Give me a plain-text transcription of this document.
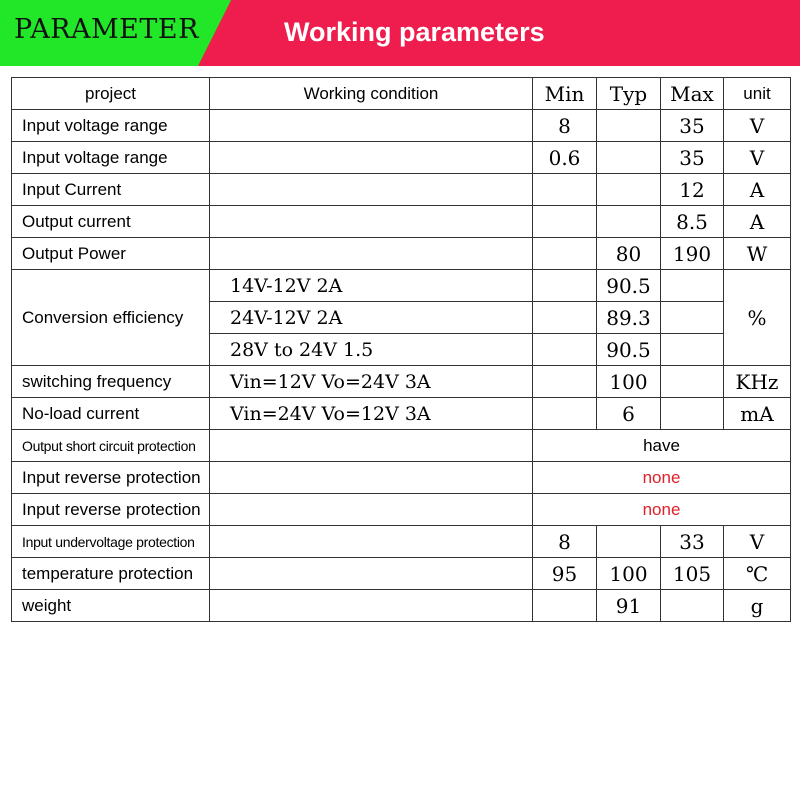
PARAMETER	Working parameters
project	Working condition	Min	Typ	Max	unit
Input voltage range		8		35	V
Input voltage range		0.6		35	V
Input Current				12	A
Output current				8.5	A
Output Power			80	190	W
Conversion efficiency	14V-12V 2A		90.5		%
	24V-12V 2A		89.3		
	28V to 24V 1.5		90.5		
switching frequency	Vin=12V Vo=24V 3A		100		KHz
No-load current	Vin=24V Vo=12V 3A		6		mA
Output short circuit protection		have			
Input reverse protection		none			
Input reverse protection		none			
Input undervoltage protection		8		33	V
temperature protection		95	100	105	℃
weight			91		g
